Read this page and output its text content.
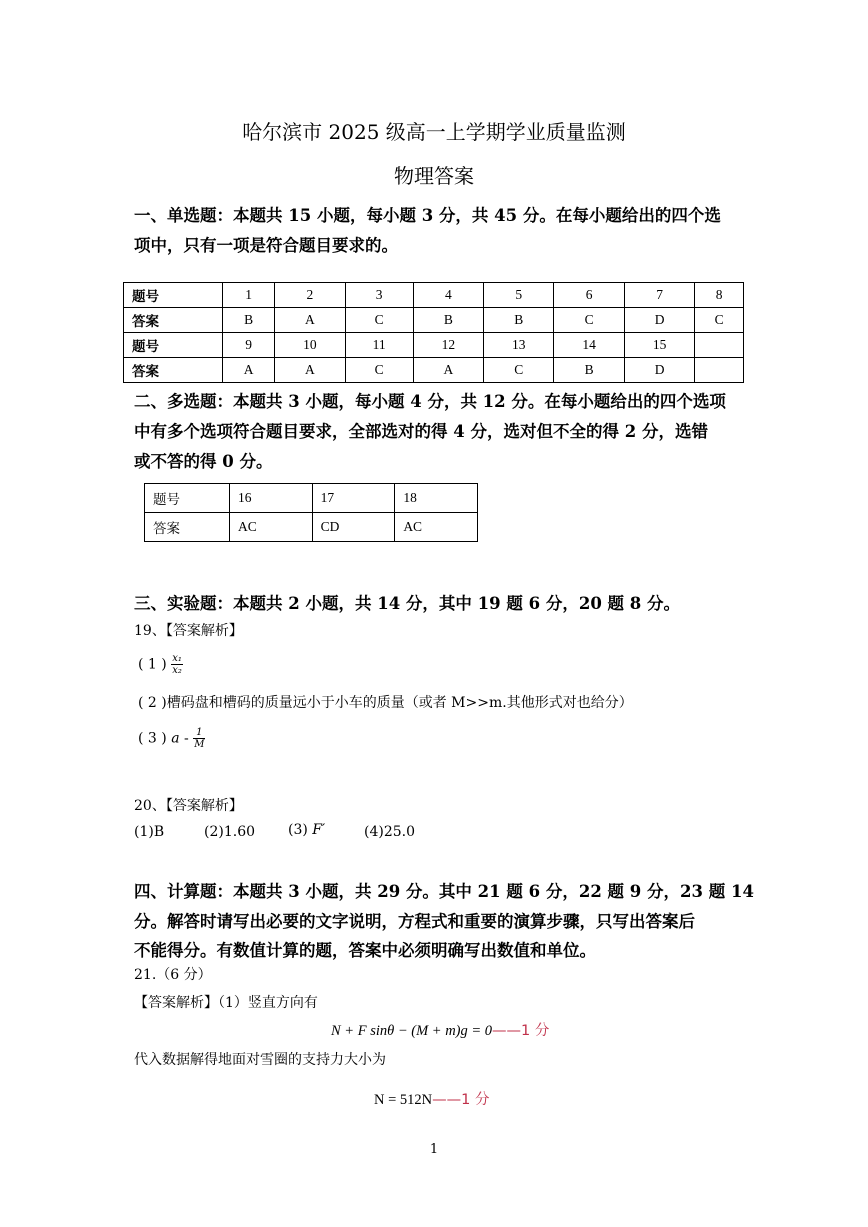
哈尔滨市 2025 级高一上学期学业质量监测
物理答案
一、单选题：本题共 15 小题，每小题 3 分，共 45 分。在每小题给出的四个选
项中，只有一项是符合题目要求的。
题号	1	2	3	4	5	6	7	8
答案	B	A	C	B	B	C	D	C
题号	9	10	11	12	13	14	15	
答案	A	A	C	A	C	B	D	
二、多选题：本题共 3 小题，每小题 4 分，共 12 分。在每小题给出的四个选项
中有多个选项符合题目要求，全部选对的得 4 分，选对但不全的得 2 分，选错
或不答的得 0 分。
题号	16	17	18
答案	AC	CD	AC
三、实验题：本题共 2 小题，共 14 分，其中 19 题 6 分，20 题 8 分。
19、【答案解析】
( 1 ) $\frac{\text{x₁}}{\text{x₂}}$
( 2 )槽码盘和槽码的质量远小于小车的质量（或者 M>>m.其他形式对也给分）
( 3 ) a - $\frac{1}{M}$
20、【答案解析】
(1)B	(2)1.60 (3) F′	(4)25.0
四、计算题：本题共 3 小题，共 29 分。其中 21 题 6 分，22 题 9 分，23 题 14
分。解答时请写出必要的文字说明，方程式和重要的演算步骤，只写出答案后
不能得分。有数值计算的题，答案中必须明确写出数值和单位。
21.（6 分）
【答案解析】（1）竖直方向有
N + F sinθ − (M + m)g = 0——1 分
代入数据解得地面对雪圈的支持力大小为
N = 512N——1 分
1
